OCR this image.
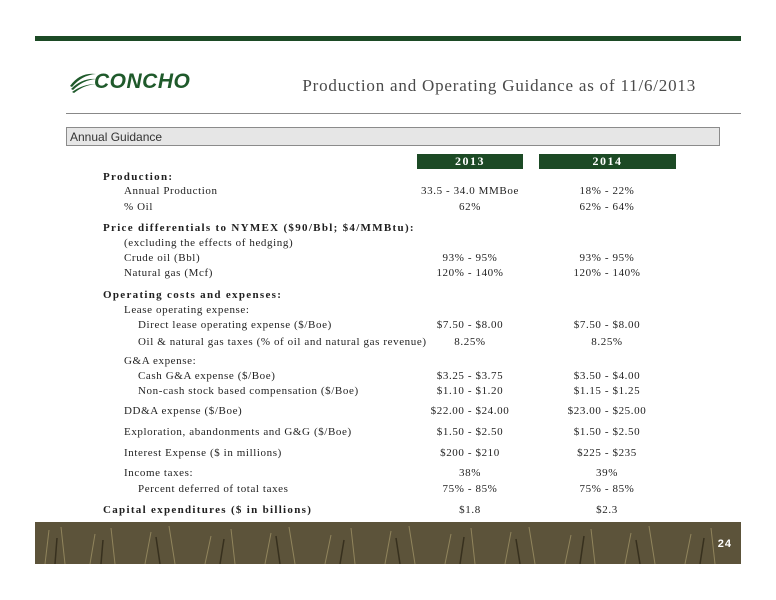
CONCHO	Production and Operating Guidance as of 11/6/2013
Annual Guidance
2013	2014
Production:
Annual Production	33.5 - 34.0 MMBoe	18% - 22%
% Oil	62%	62% - 64%
Price differentials to NYMEX ($90/Bbl; $4/MMBtu):
(excluding the effects of hedging)
Crude oil (Bbl)	93% - 95%	93% - 95%
Natural gas (Mcf)	120% - 140%	120% - 140%
Operating costs and expenses:
Lease operating expense:
Direct lease operating expense ($/Boe)	$7.50 - $8.00	$7.50 - $8.00
Oil & natural gas taxes (% of oil and natural gas revenue)	8.25%	8.25%
G&A expense:
Cash G&A expense ($/Boe)	$3.25 - $3.75	$3.50 - $4.00
Non-cash stock based compensation ($/Boe)	$1.10 - $1.20	$1.15 - $1.25
DD&A expense ($/Boe)	$22.00 - $24.00	$23.00 - $25.00
Exploration, abandonments and G&G ($/Boe)	$1.50 - $2.50	$1.50 - $2.50
Interest Expense ($ in millions)	$200 - $210	$225 - $235
Income taxes:	38%	39%
Percent deferred of total taxes	75% - 85%	75% - 85%
Capital expenditures ($ in billions)	$1.8	$2.3
24
